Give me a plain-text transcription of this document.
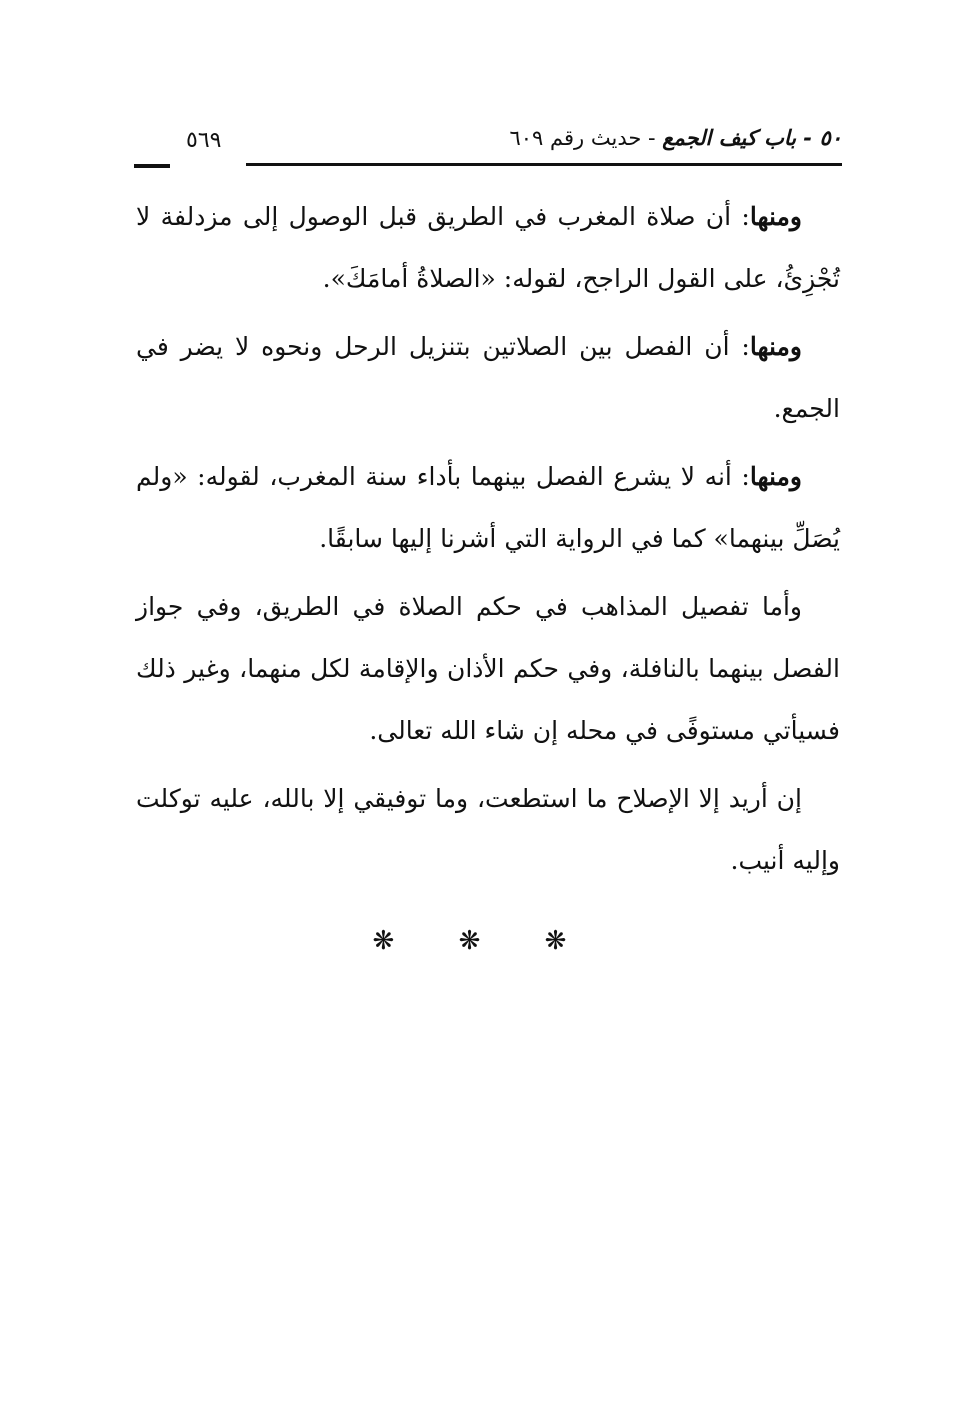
٥٠ - باب كيف الجمع - حديث رقم ٦٠٩
٥٦٩

ومنها: أن صلاة المغرب في الطريق قبل الوصول إلى مزدلفة لا تُجْزِئُ، على القول الراجح، لقوله: «الصلاةُ أمامَكَ».

ومنها: أن الفصل بين الصلاتين بتنزيل الرحل ونحوه لا يضر في الجمع.

ومنها: أنه لا يشرع الفصل بينهما بأداء سنة المغرب، لقوله: «ولم يُصَلِّ بينهما» كما في الرواية التي أشرنا إليها سابقًا.

وأما تفصيل المذاهب في حكم الصلاة في الطريق، وفي جواز الفصل بينهما بالنافلة، وفي حكم الأذان والإقامة لكل منهما، وغير ذلك فسيأتي مستوفًى في محله إن شاء الله تعالى.

إن أريد إلا الإصلاح ما استطعت، وما توفيقي إلا بالله، عليه توكلت وإليه أنيب.

❋ ❋ ❋
